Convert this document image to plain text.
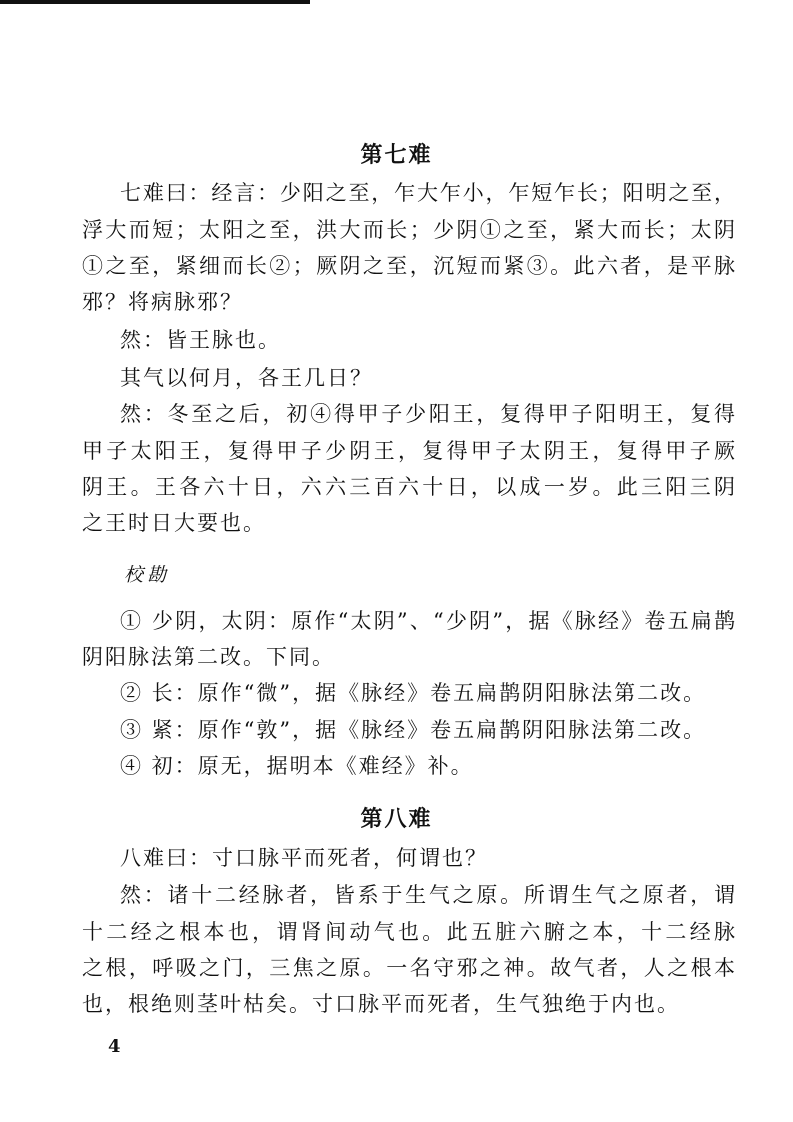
第七难
七难曰：经言：少阳之至，乍大乍小，乍短乍长；阳明之至，
浮大而短；太阳之至，洪大而长；少阴①之至，紧大而长；太阴
①之至，紧细而长②；厥阴之至，沉短而紧③。此六者，是平脉
邪？将病脉邪？
然：皆王脉也。
其气以何月，各王几日？
然：冬至之后，初④得甲子少阳王，复得甲子阳明王，复得
甲子太阳王，复得甲子少阴王，复得甲子太阴王，复得甲子厥
阴王。王各六十日，六六三百六十日，以成一岁。此三阳三阴
之王时日大要也。
校勘
① 少阴，太阴：原作“太阴”、“少阴”，据《脉经》卷五扁鹊
阴阳脉法第二改。下同。
② 长：原作“微”，据《脉经》卷五扁鹊阴阳脉法第二改。
③ 紧：原作“敦”，据《脉经》卷五扁鹊阴阳脉法第二改。
④ 初：原无，据明本《难经》补。
第八难
八难曰：寸口脉平而死者，何谓也？
然：诸十二经脉者，皆系于生气之原。所谓生气之原者，谓
十二经之根本也，谓肾间动气也。此五脏六腑之本，十二经脉
之根，呼吸之门，三焦之原。一名守邪之神。故气者，人之根本
也，根绝则茎叶枯矣。寸口脉平而死者，生气独绝于内也。
4
